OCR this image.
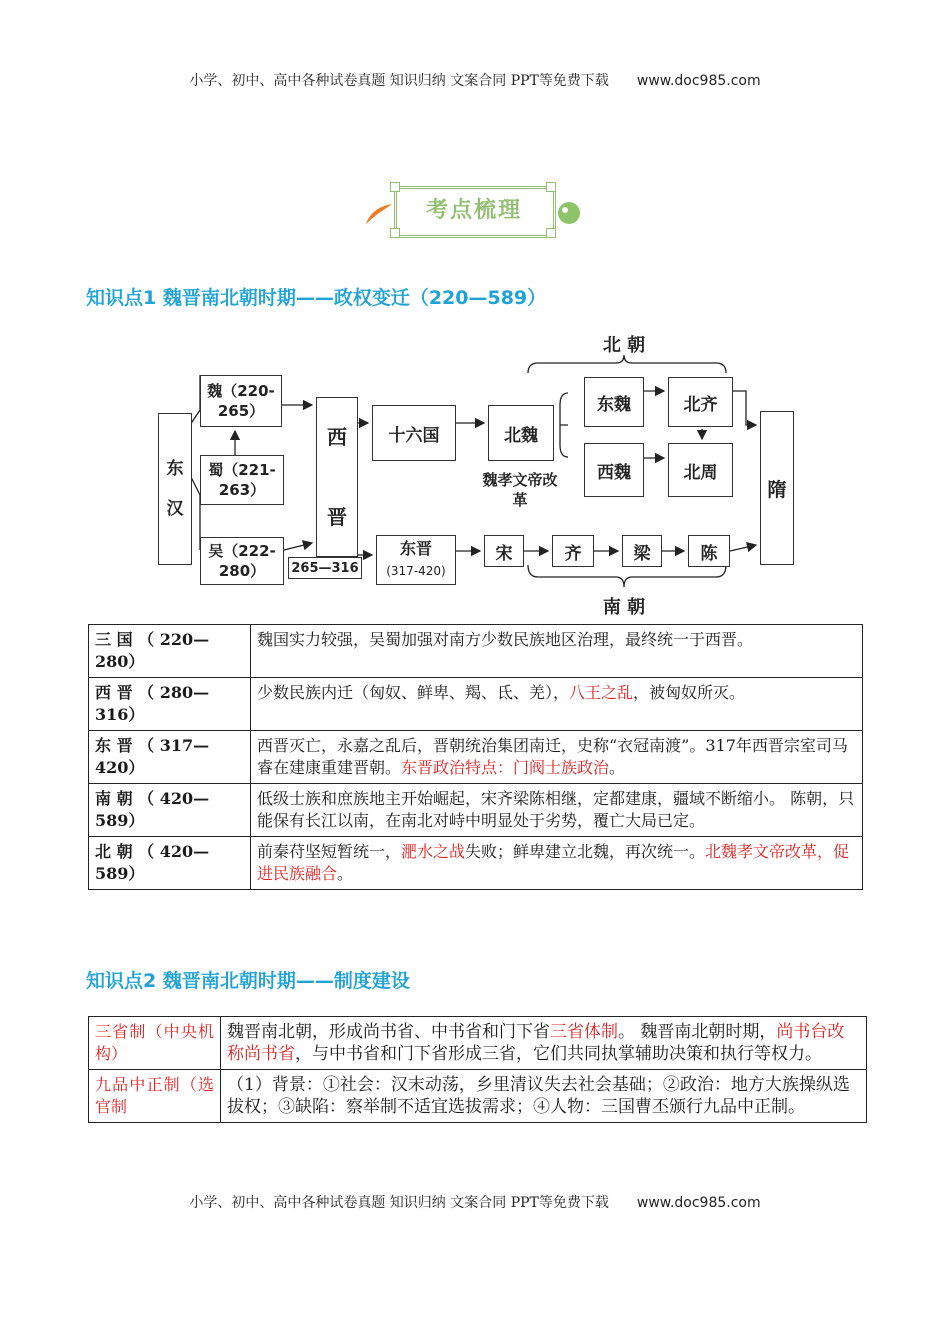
小学、初中、高中各种试卷真题 知识归纳 文案合同 PPT等免费下载 www.doc985.com
考点梳理
知识点1 魏晋南北朝时期——政权变迁（220—589）
东

汉
魏（220-265）
蜀（221-263）
吴（222-280）
西

晋
265—316
十六国	北魏
魏孝文帝改革
东魏	北齐
西魏	北周
北 朝
东晋
(317-420)
宋	齐	梁	陈
南 朝
隋
三 国 （ 220—280）	魏国实力较强，吴蜀加强对南方少数民族地区治理，最终统一于西晋。
西 晋 （ 280—316）	少数民族内迁（匈奴、鲜卑、羯、氐、羌），八王之乱，被匈奴所灭。
东 晋 （ 317—420）	西晋灭亡，永嘉之乱后，晋朝统治集团南迁，史称“衣冠南渡”。317年西晋宗室司马睿在建康重建晋朝。东晋政治特点：门阀士族政治。
南 朝 （ 420—589）	低级士族和庶族地主开始崛起，宋齐梁陈相继，定都建康，疆域不断缩小。 陈朝，只能保有长江以南，在南北对峙中明显处于劣势，覆亡大局已定。
北 朝 （ 420—589）	前秦苻坚短暂统一，淝水之战失败；鲜卑建立北魏，再次统一。北魏孝文帝改革，促进民族融合。
知识点2 魏晋南北朝时期——制度建设
三省制（中央机构）	魏晋南北朝，形成尚书省、中书省和门下省三省体制。 魏晋南北朝时期，尚书台改称尚书省，与中书省和门下省形成三省，它们共同执掌辅助决策和执行等权力。
九品中正制（选官制	（1）背景：①社会：汉末动荡，乡里清议失去社会基础；②政治：地方大族操纵选拔权；③缺陷：察举制不适宜选拔需求；④人物：三国曹丕颁行九品中正制。
小学、初中、高中各种试卷真题 知识归纳 文案合同 PPT等免费下载 www.doc985.com
